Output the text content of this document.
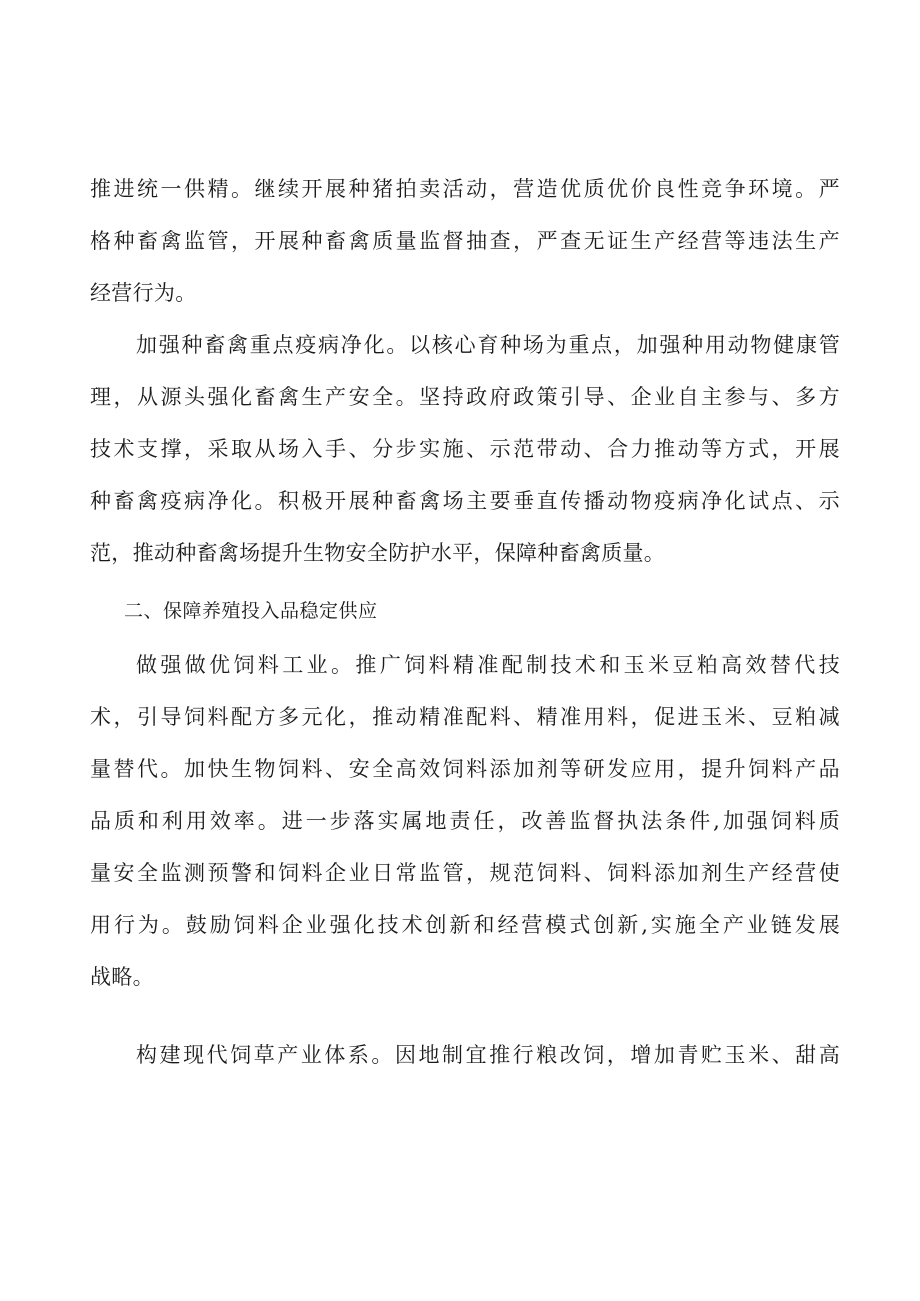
推进统一供精。继续开展种猪拍卖活动，营造优质优价良性竞争环境。严
格种畜禽监管，开展种畜禽质量监督抽查，严查无证生产经营等违法生产
经营行为。
加强种畜禽重点疫病净化。以核心育种场为重点，加强种用动物健康管
理，从源头强化畜禽生产安全。坚持政府政策引导、企业自主参与、多方
技术支撑，采取从场入手、分步实施、示范带动、合力推动等方式，开展
种畜禽疫病净化。积极开展种畜禽场主要垂直传播动物疫病净化试点、示
范，推动种畜禽场提升生物安全防护水平，保障种畜禽质量。
二、保障养殖投入品稳定供应
做强做优饲料工业。推广饲料精准配制技术和玉米豆粕高效替代技
术，引导饲料配方多元化，推动精准配料、精准用料，促进玉米、豆粕减
量替代。加快生物饲料、安全高效饲料添加剂等研发应用，提升饲料产品
品质和利用效率。进一步落实属地责任，改善监督执法条件,加强饲料质
量安全监测预警和饲料企业日常监管，规范饲料、饲料添加剂生产经营使
用行为。鼓励饲料企业强化技术创新和经营模式创新,实施全产业链发展
战略。
构建现代饲草产业体系。因地制宜推行粮改饲，增加青贮玉米、甜高
